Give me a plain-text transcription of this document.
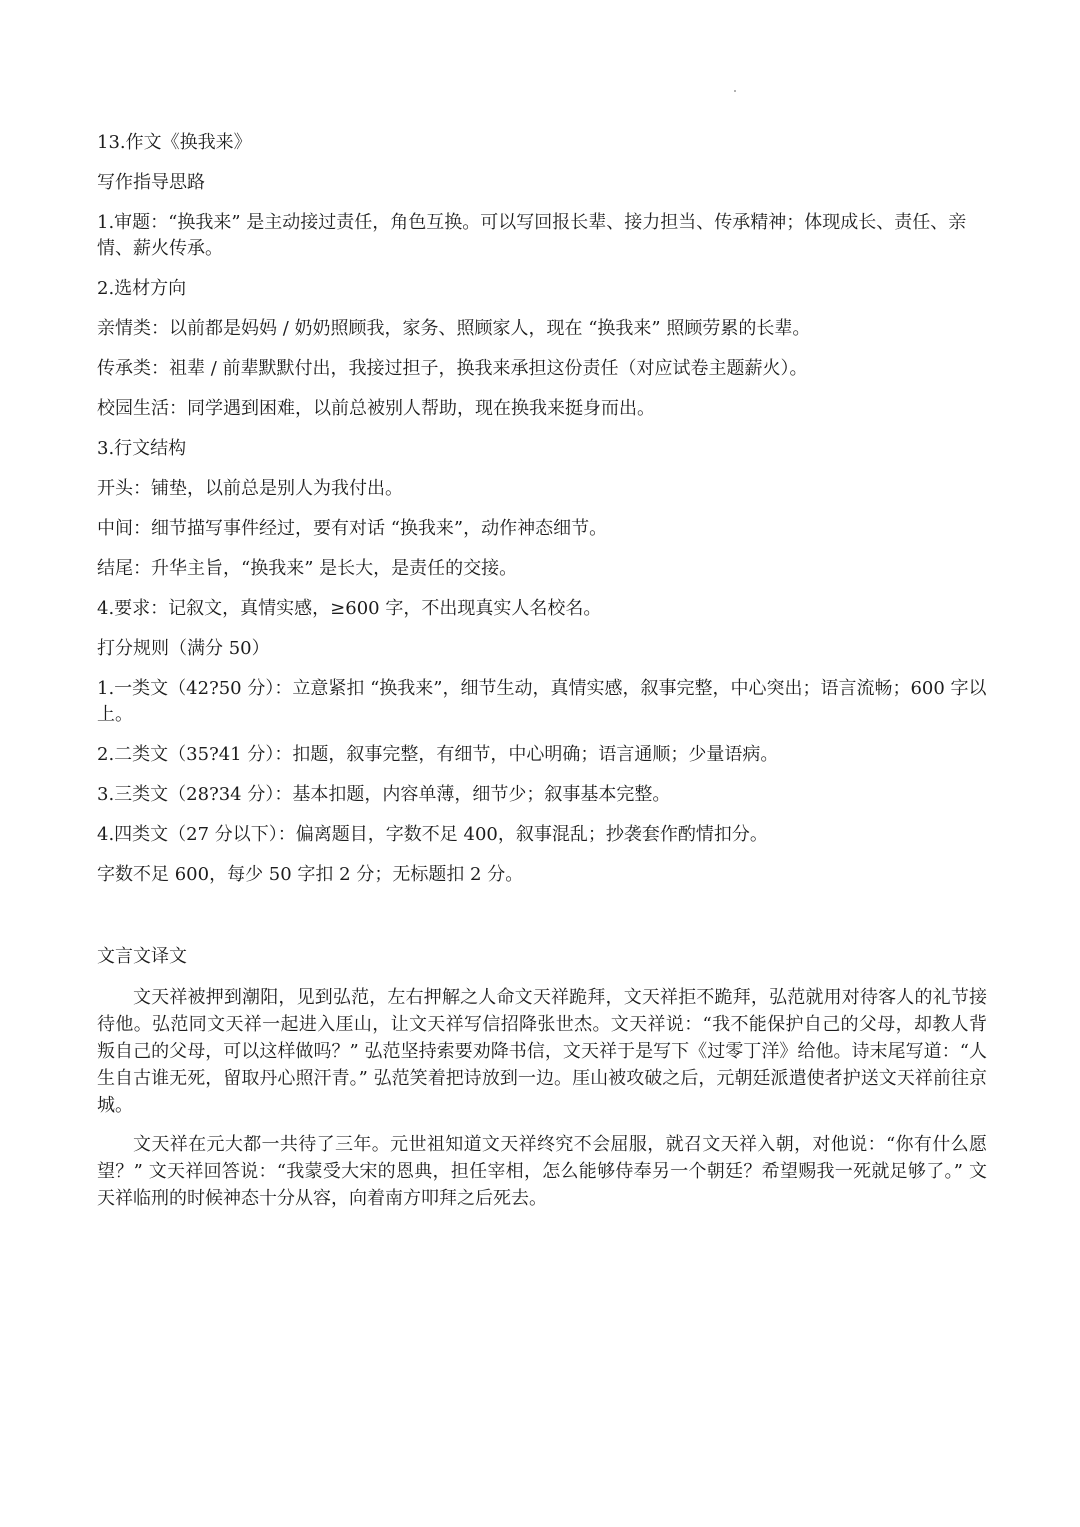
13.作文《换我来》
写作指导思路
1.审题：“换我来” 是主动接过责任，角色互换。可以写回报长辈、接力担当、传承精神；体现成长、责任、亲情、薪火传承。
2.选材方向
亲情类：以前都是妈妈 / 奶奶照顾我，家务、照顾家人，现在 “换我来” 照顾劳累的长辈。
传承类：祖辈 / 前辈默默付出，我接过担子，换我来承担这份责任（对应试卷主题薪火）。
校园生活：同学遇到困难，以前总被别人帮助，现在换我来挺身而出。
3.行文结构
开头：铺垫，以前总是别人为我付出。
中间：细节描写事件经过，要有对话 “换我来”，动作神态细节。
结尾：升华主旨，“换我来” 是长大，是责任的交接。
4.要求：记叙文，真情实感，≥600 字，不出现真实人名校名。
打分规则（满分 50）
1.一类文（42?50 分）：立意紧扣 “换我来”，细节生动，真情实感，叙事完整，中心突出；语言流畅；600 字以上。
2.二类文（35?41 分）：扣题，叙事完整，有细节，中心明确；语言通顺；少量语病。
3.三类文（28?34 分）：基本扣题，内容单薄，细节少；叙事基本完整。
4.四类文（27 分以下）：偏离题目，字数不足 400，叙事混乱；抄袭套作酌情扣分。
字数不足 600，每少 50 字扣 2 分；无标题扣 2 分。
文言文译文
文天祥被押到潮阳，见到弘范，左右押解之人命文天祥跪拜，文天祥拒不跪拜，弘范就用对待客人的礼节接待他。弘范同文天祥一起进入厓山，让文天祥写信招降张世杰。文天祥说：“我不能保护自己的父母，却教人背叛自己的父母，可以这样做吗？” 弘范坚持索要劝降书信，文天祥于是写下《过零丁洋》给他。诗末尾写道：“人生自古谁无死，留取丹心照汗青。” 弘范笑着把诗放到一边。厓山被攻破之后，元朝廷派遣使者护送文天祥前往京城。
文天祥在元大都一共待了三年。元世祖知道文天祥终究不会屈服，就召文天祥入朝，对他说：“你有什么愿望？” 文天祥回答说：“我蒙受大宋的恩典，担任宰相，怎么能够侍奉另一个朝廷？希望赐我一死就足够了。” 文天祥临刑的时候神态十分从容，向着南方叩拜之后死去。
